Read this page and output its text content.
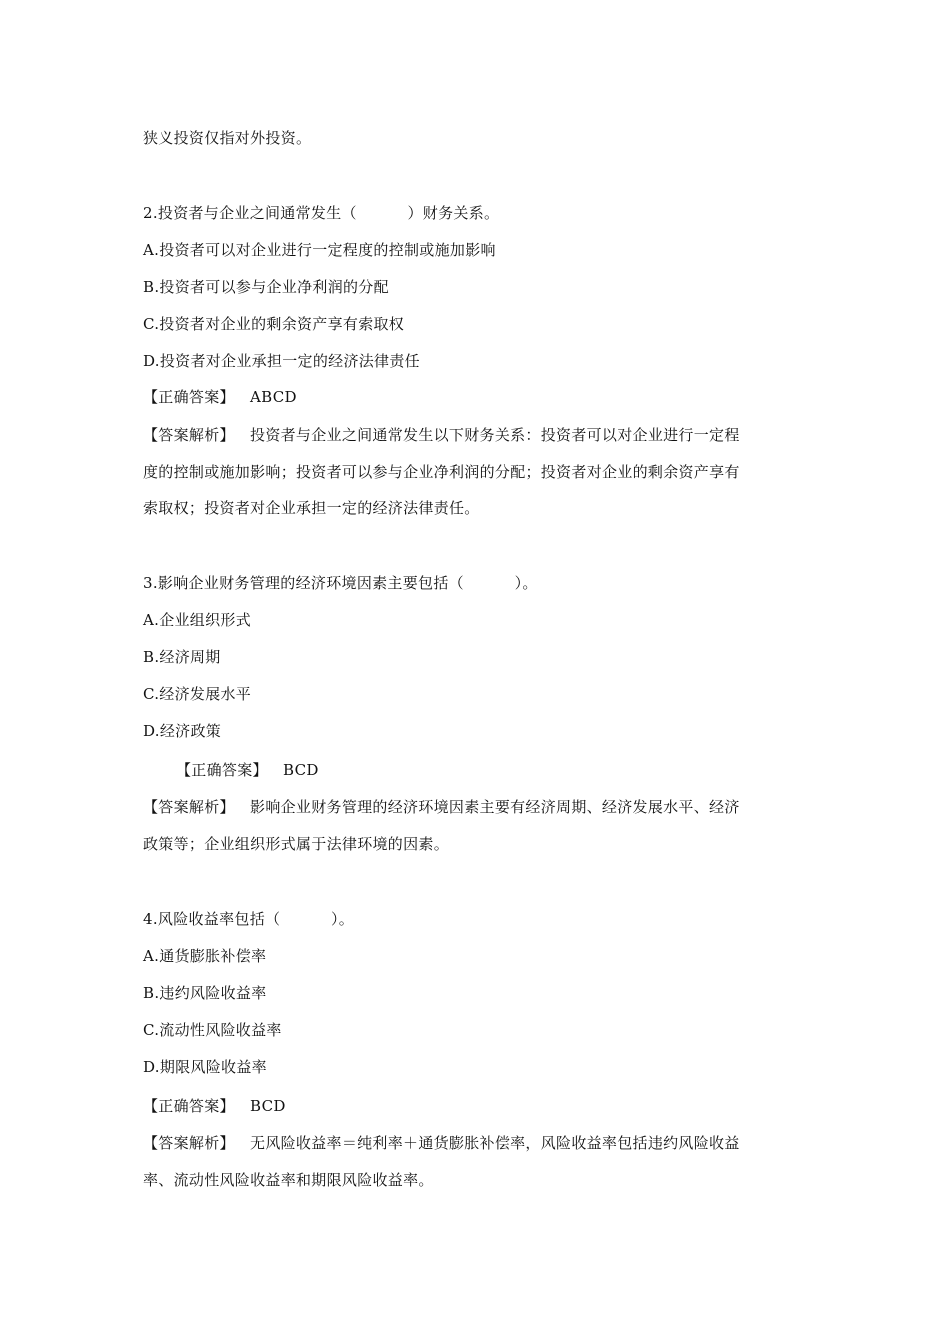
狭义投资仅指对外投资。
2.投资者与企业之间通常发生（          ）财务关系。
A.投资者可以对企业进行一定程度的控制或施加影响
B.投资者可以参与企业净利润的分配
C.投资者对企业的剩余资产享有索取权
D.投资者对企业承担一定的经济法律责任
【正确答案】 ABCD
【答案解析】 投资者与企业之间通常发生以下财务关系：投资者可以对企业进行一定程
度的控制或施加影响；投资者可以参与企业净利润的分配；投资者对企业的剩余资产享有
索取权；投资者对企业承担一定的经济法律责任。
3.影响企业财务管理的经济环境因素主要包括（          ）。
A.企业组织形式
B.经济周期
C.经济发展水平
D.经济政策
【正确答案】 BCD
【答案解析】 影响企业财务管理的经济环境因素主要有经济周期、经济发展水平、经济
政策等；企业组织形式属于法律环境的因素。
4.风险收益率包括（          ）。
A.通货膨胀补偿率
B.违约风险收益率
C.流动性风险收益率
D.期限风险收益率
【正确答案】 BCD
【答案解析】 无风险收益率＝纯利率＋通货膨胀补偿率，风险收益率包括违约风险收益
率、流动性风险收益率和期限风险收益率。
